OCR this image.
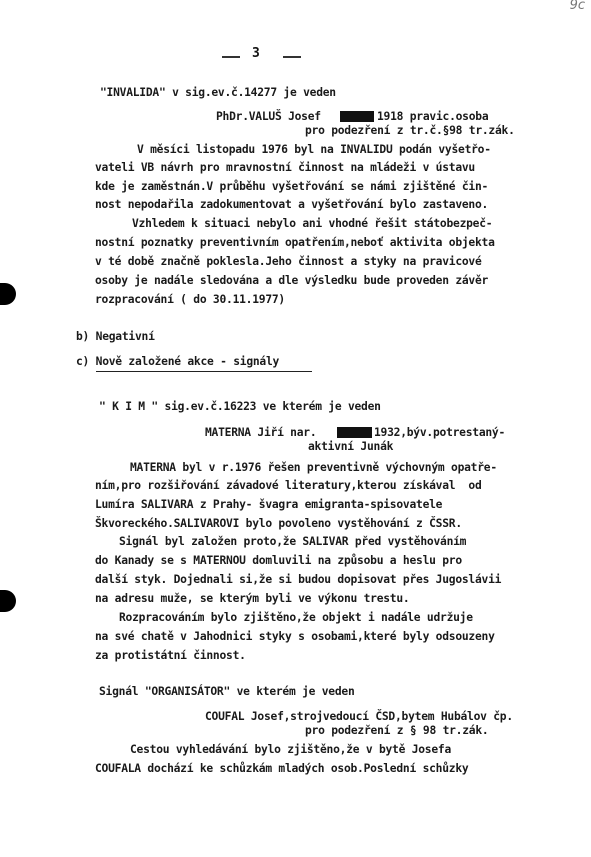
9c
3
"INVALIDA" v sig.ev.č.14277 je veden
PhDr.VALUŠ Josef	1918 pravic.osoba
pro podezření z tr.č.§98 tr.zák.
V měsíci listopadu 1976 byl na INVALIDU podán vyšetřo-
vateli VB návrh pro mravnostní činnost na mládeži v ústavu
kde je zaměstnán.V průběhu vyšetřování se námi zjištěné čin-
nost nepodařila zadokumentovat a vyšetřování bylo zastaveno.
Vzhledem k situaci nebylo ani vhodné řešit státobezpeč-
nostní poznatky preventivním opatřením,neboť aktivita objekta
v té době značně poklesla.Jeho činnost a styky na pravicové
osoby je nadále sledována a dle výsledku bude proveden závěr
rozpracování ( do 30.11.1977)
b) Negativní
c) Nově založené akce - signály
" K I M " sig.ev.č.16223 ve kterém je veden
MATERNA Jiří nar.	1932,býv.potrestaný-
aktivní Junák
MATERNA byl v r.1976 řešen preventivně výchovným opatře-
ním,pro rozšiřování závadové literatury,kterou získával  od
Lumíra SALIVARA z Prahy- švagra emigranta-spisovatele
Škvoreckého.SALIVAROVI bylo povoleno vystěhování z ČSSR.
Signál byl založen proto,že SALIVAR před vystěhováním
do Kanady se s MATERNOU domluvili na způsobu a heslu pro
další styk. Dojednali si,že si budou dopisovat přes Jugoslávii
na adresu muže, se kterým byli ve výkonu trestu.
Rozpracováním bylo zjištěno,že objekt i nadále udržuje
na své chatě v Jahodnici styky s osobami,které byly odsouzeny
za protistátní činnost.
Signál "ORGANISÁTOR" ve kterém je veden
COUFAL Josef,strojvedoucí ČSD,bytem Hubálov čp.
pro podezření z § 98 tr.zák.
Cestou vyhledávání bylo zjištěno,že v bytě Josefa
COUFALA dochází ke schůzkám mladých osob.Poslední schůzky
